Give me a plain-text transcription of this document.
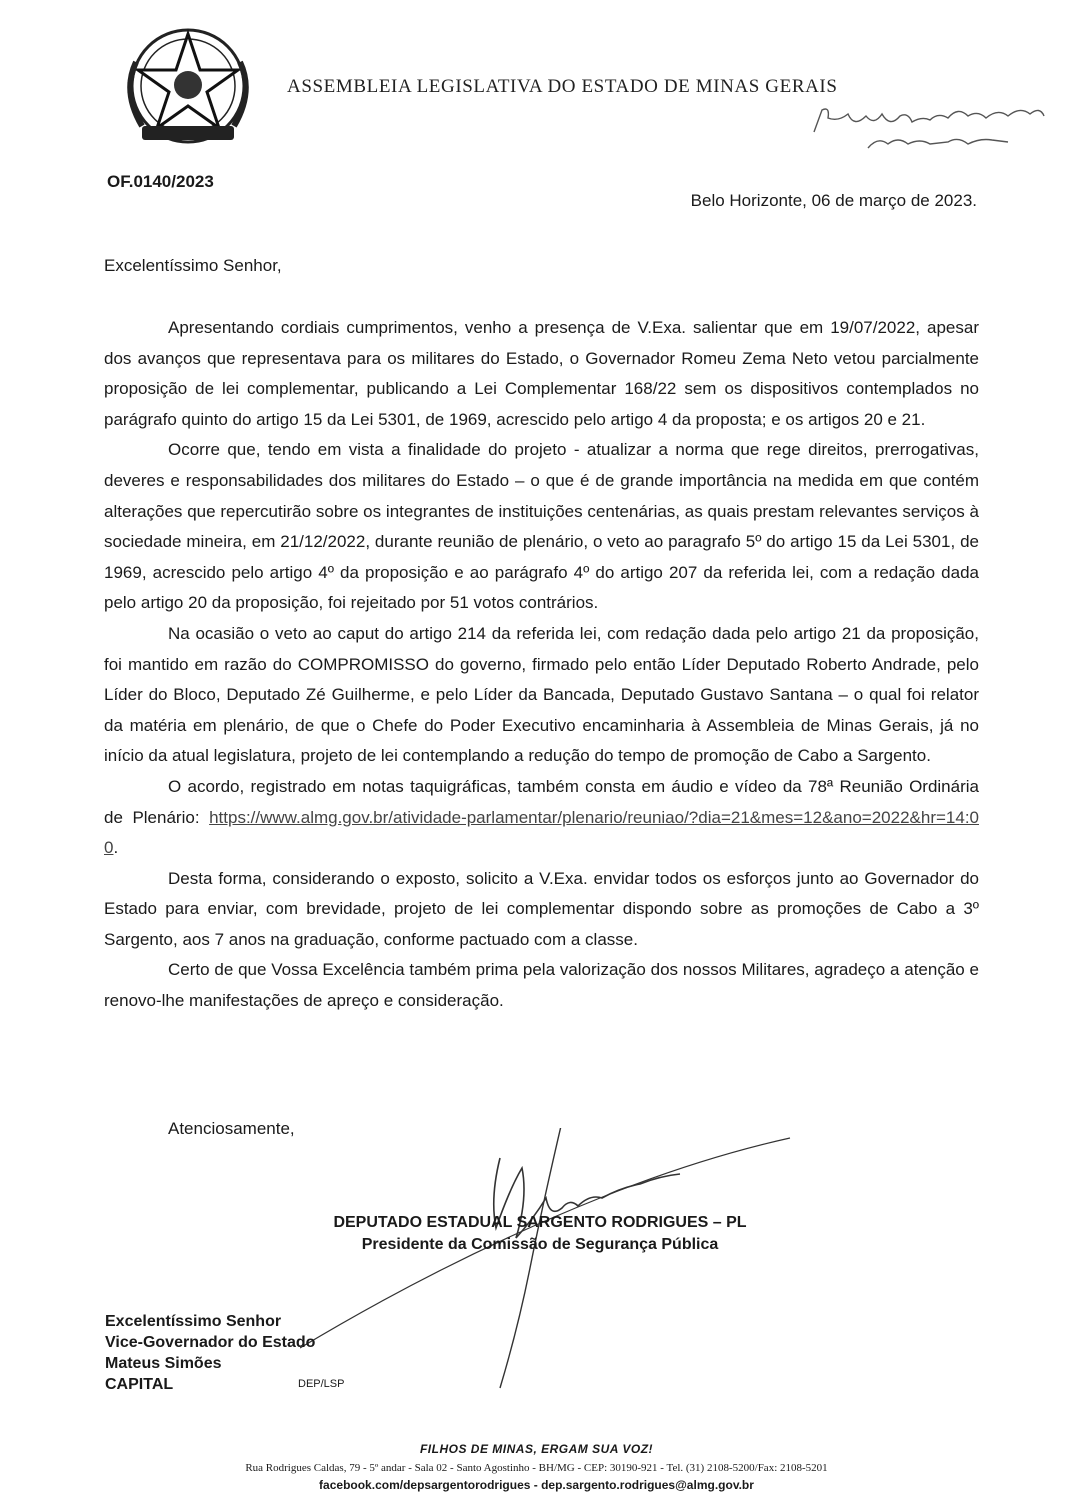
ASSEMBLEIA LEGISLATIVA DO ESTADO DE MINAS GERAIS
OF.0140/2023
Belo Horizonte, 06 de março de 2023.
Excelentíssimo Senhor,

Apresentando cordiais cumprimentos, venho a presença de V.Exa. salientar que em 19/07/2022, apesar dos avanços que representava para os militares do Estado, o Governador Romeu Zema Neto vetou parcialmente proposição de lei complementar, publicando a Lei Complementar 168/22 sem os dispositivos contemplados no parágrafo quinto do artigo 15 da Lei 5301, de 1969, acrescido pelo artigo 4 da proposta; e os artigos 20 e 21.

Ocorre que, tendo em vista a finalidade do projeto - atualizar a norma que rege direitos, prerrogativas, deveres e responsabilidades dos militares do Estado – o que é de grande importância na medida em que contém alterações que repercutirão sobre os integrantes de instituições centenárias, as quais prestam relevantes serviços à sociedade mineira, em 21/12/2022, durante reunião de plenário, o veto ao paragrafo 5º do artigo 15 da Lei 5301, de 1969, acrescido pelo artigo 4º da proposição e ao parágrafo 4º do artigo 207 da referida lei, com a redação dada pelo artigo 20 da proposição, foi rejeitado por 51 votos contrários.

Na ocasião o veto ao caput do artigo 214 da referida lei, com redação dada pelo artigo 21 da proposição, foi mantido em razão do COMPROMISSO do governo, firmado pelo então Líder Deputado Roberto Andrade, pelo Líder do Bloco, Deputado Zé Guilherme, e pelo Líder da Bancada, Deputado Gustavo Santana – o qual foi relator da matéria em plenário, de que o Chefe do Poder Executivo encaminharia à Assembleia de Minas Gerais, já no início da atual legislatura, projeto de lei contemplando a redução do tempo de promoção de Cabo a Sargento.

O acordo, registrado em notas taquigráficas, também consta em áudio e vídeo da 78ª Reunião Ordinária de Plenário: https://www.almg.gov.br/atividade-parlamentar/plenario/reuniao/?dia=21&mes=12&ano=2022&hr=14:00.

Desta forma, considerando o exposto, solicito a V.Exa. envidar todos os esforços junto ao Governador do Estado para enviar, com brevidade, projeto de lei complementar dispondo sobre as promoções de Cabo a 3º Sargento, aos 7 anos na graduação, conforme pactuado com a classe.

Certo de que Vossa Excelência também prima pela valorização dos nossos Militares, agradeço a atenção e renovo-lhe manifestações de apreço e consideração.

Atenciosamente,
DEPUTADO ESTADUAL SARGENTO RODRIGUES – PL
Presidente da Comissão de Segurança Pública
Excelentíssimo Senhor
Vice-Governador do Estado
Mateus Simões
CAPITAL	DEP/LSP
FILHOS DE MINAS, ERGAM SUA VOZ!
Rua Rodrigues Caldas, 79 - 5º andar - Sala 02 - Santo Agostinho - BH/MG - CEP: 30190-921 - Tel. (31) 2108-5200/Fax: 2108-5201
facebook.com/depsargentorodrigues - dep.sargento.rodrigues@almg.gov.br
